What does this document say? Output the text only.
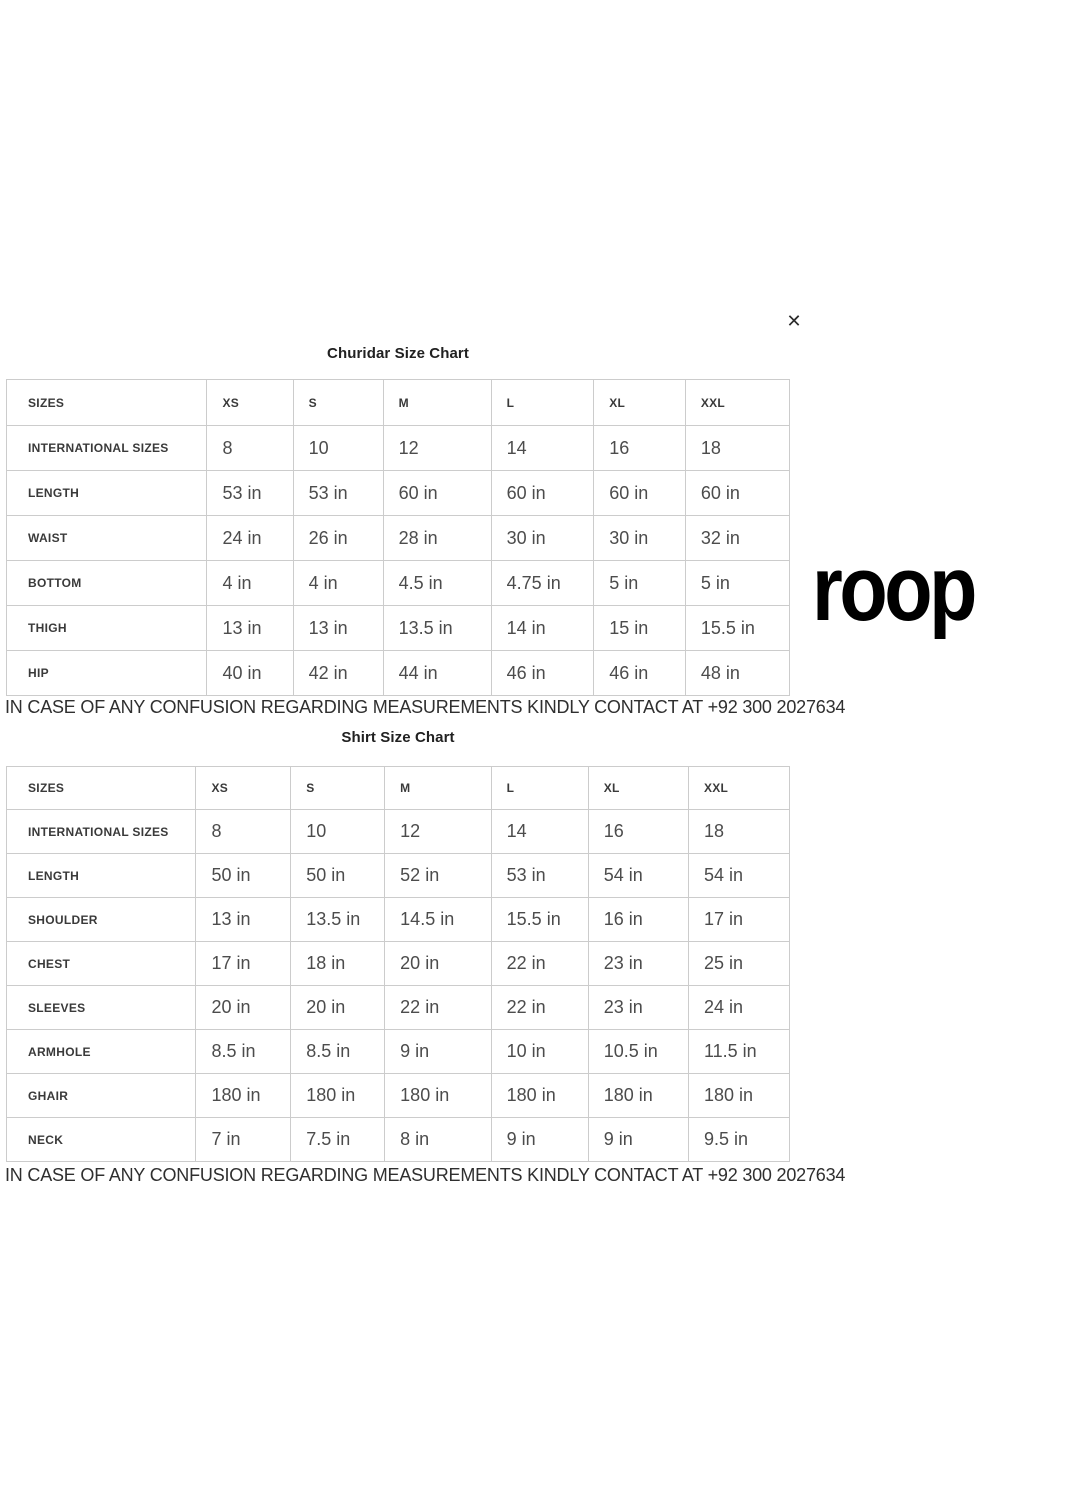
✕
Churidar Size Chart
SIZES	XS	S	M	L	XL	XXL
INTERNATIONAL SIZES	8	10	12	14	16	18
LENGTH	53 in	53 in	60 in	60 in	60 in	60 in
WAIST	24 in	26 in	28 in	30 in	30 in	32 in
BOTTOM	4 in	4 in	4.5 in	4.75 in	5 in	5 in
THIGH	13 in	13 in	13.5 in	14 in	15 in	15.5 in
HIP	40 in	42 in	44 in	46 in	46 in	48 in
IN CASE OF ANY CONFUSION REGARDING MEASUREMENTS KINDLY CONTACT AT +92 300 2027634
Shirt Size Chart
SIZES	XS	S	M	L	XL	XXL
INTERNATIONAL SIZES	8	10	12	14	16	18
LENGTH	50 in	50 in	52 in	53 in	54 in	54 in
SHOULDER	13 in	13.5 in	14.5 in	15.5 in	16 in	17 in
CHEST	17 in	18 in	20 in	22 in	23 in	25 in
SLEEVES	20 in	20 in	22 in	22 in	23 in	24 in
ARMHOLE	8.5 in	8.5 in	9 in	10 in	10.5 in	11.5 in
GHAIR	180 in	180 in	180 in	180 in	180 in	180 in
NECK	7 in	7.5 in	8 in	9 in	9 in	9.5 in
IN CASE OF ANY CONFUSION REGARDING MEASUREMENTS KINDLY CONTACT AT +92 300 2027634
roop
